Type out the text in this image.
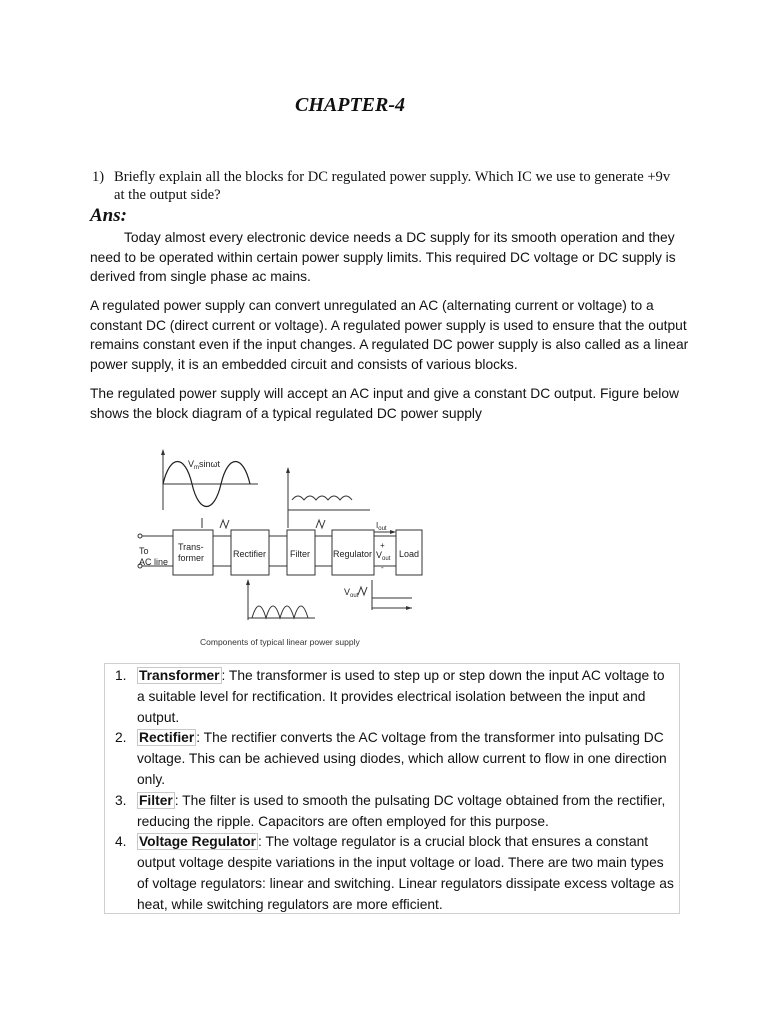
CHAPTER-4
1) Briefly explain all the blocks for DC regulated power supply. Which IC we use to generate +9v at the output side?
Ans:

Today almost every electronic device needs a DC supply for its smooth operation and they need to be operated within certain power supply limits. This required DC voltage or DC supply is derived from single phase ac mains.

A regulated power supply can convert unregulated an AC (alternating current or voltage) to a constant DC (direct current or voltage). A regulated power supply is used to ensure that the output remains constant even if the input changes. A regulated DC power supply is also called as a linear power supply, it is an embedded circuit and consists of various blocks.

The regulated power supply will accept an AC input and give a constant DC output. Figure below shows the block diagram of a typical regulated DC power supply

To
AC line
Trans-
former	Rectifier	Filter	Regulator	Load
$V_m\sin\omega t$
$I_{out}$
+
$V_{out}$
-
$V_{out}$
Components of typical linear power supply
1. Transformer : The transformer is used to step up or step down the input AC voltage to a suitable level for rectification. It provides electrical isolation between the input and output.
2. Rectifier : The rectifier converts the AC voltage from the transformer into pulsating DC voltage. This can be achieved using diodes, which allow current to flow in one direction only.
3. Filter : The filter is used to smooth the pulsating DC voltage obtained from the rectifier, reducing the ripple. Capacitors are often employed for this purpose.
4. Voltage Regulator : The voltage regulator is a crucial block that ensures a constant output voltage despite variations in the input voltage or load. There are two main types of voltage regulators: linear and switching. Linear regulators dissipate excess voltage as heat, while switching regulators are more efficient.
